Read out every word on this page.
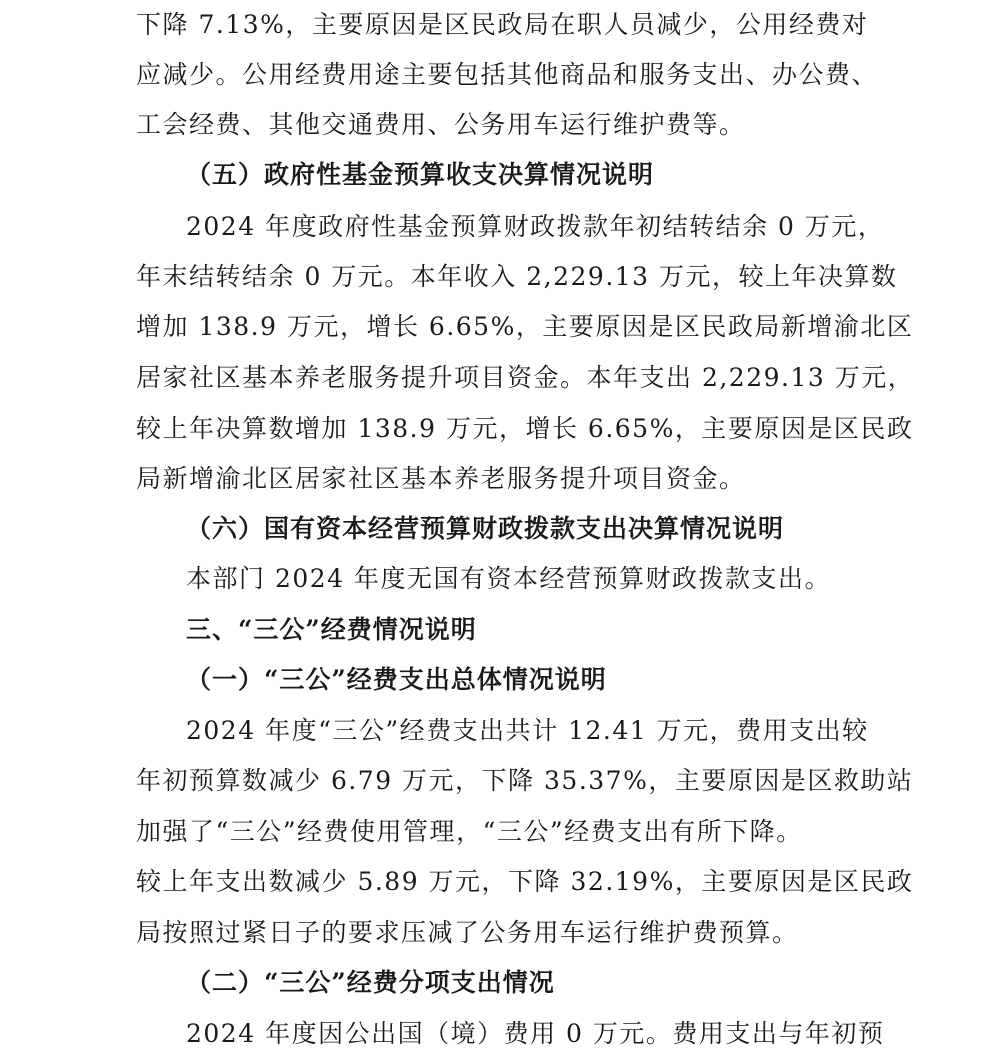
下降 7.13%，主要原因是区民政局在职人员减少，公用经费对
应减少。公用经费用途主要包括其他商品和服务支出、办公费、
工会经费、其他交通费用、公务用车运行维护费等。
（五）政府性基金预算收支决算情况说明
2024 年度政府性基金预算财政拨款年初结转结余 0 万元，
年末结转结余 0 万元。本年收入 2,229.13 万元，较上年决算数
增加 138.9 万元，增长 6.65%，主要原因是区民政局新增渝北区
居家社区基本养老服务提升项目资金。本年支出 2,229.13 万元，
较上年决算数增加 138.9 万元，增长 6.65%，主要原因是区民政
局新增渝北区居家社区基本养老服务提升项目资金。
（六）国有资本经营预算财政拨款支出决算情况说明
本部门 2024 年度无国有资本经营预算财政拨款支出。
三、“三公”经费情况说明
（一）“三公”经费支出总体情况说明
2024 年度“三公”经费支出共计 12.41 万元，费用支出较
年初预算数减少 6.79 万元，下降 35.37%，主要原因是区救助站
加强了“三公”经费使用管理，“三公”经费支出有所下降。
较上年支出数减少 5.89 万元，下降 32.19%，主要原因是区民政
局按照过紧日子的要求压减了公务用车运行维护费预算。
（二）“三公”经费分项支出情况
2024 年度因公出国（境）费用 0 万元。费用支出与年初预
